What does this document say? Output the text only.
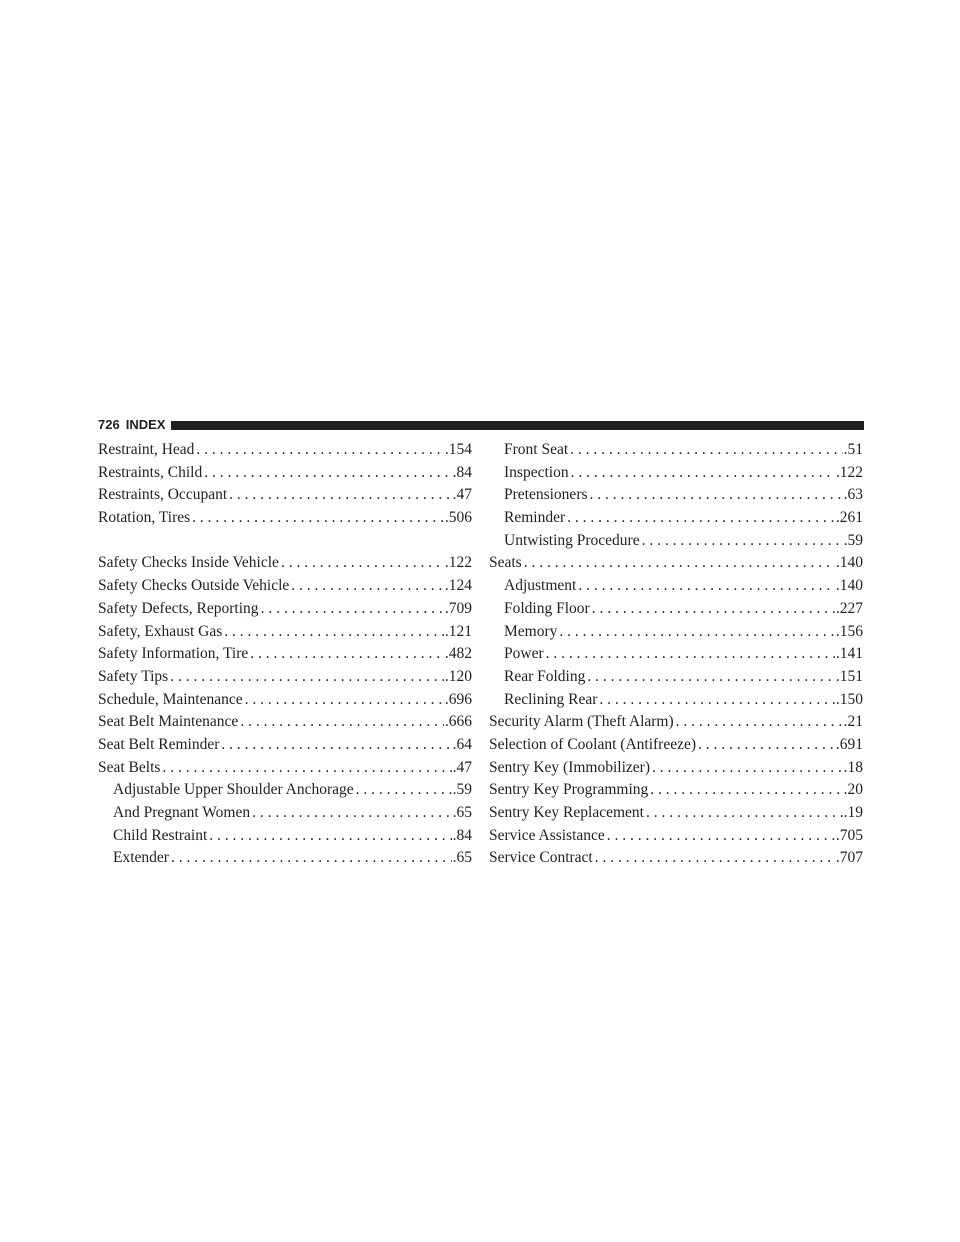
726 INDEX
Restraint, Head . . .	.154
Restraints, Child . . .	.84
Restraints, Occupant . . .	.47
Rotation, Tires . . .	.506
Safety Checks Inside Vehicle . . .	.122
Safety Checks Outside Vehicle . . .	.124
Safety Defects, Reporting . . .	.709
Safety, Exhaust Gas . . .	.121
Safety Information, Tire . . .	.482
Safety Tips . . .	.120
Schedule, Maintenance . . .	.696
Seat Belt Maintenance . . .	.666
Seat Belt Reminder . . .	.64
Seat Belts . . .	.47
Adjustable Upper Shoulder Anchorage . . .	.59
And Pregnant Women . . .	.65
Child Restraint . . .	.84
Extender . . .	.65
Front Seat . . .	.51
Inspection . . .	.122
Pretensioners . . .	.63
Reminder . . .	.261
Untwisting Procedure . . .	.59
Seats . . .	.140
Adjustment . . .	.140
Folding Floor . . .	.227
Memory . . .	.156
Power . . .	.141
Rear Folding . . .	.151
Reclining Rear . . .	.150
Security Alarm (Theft Alarm) . . .	.21
Selection of Coolant (Antifreeze) . . .	.691
Sentry Key (Immobilizer) . . .	.18
Sentry Key Programming . . .	.20
Sentry Key Replacement . . .	.19
Service Assistance . . .	.705
Service Contract . . .	.707
